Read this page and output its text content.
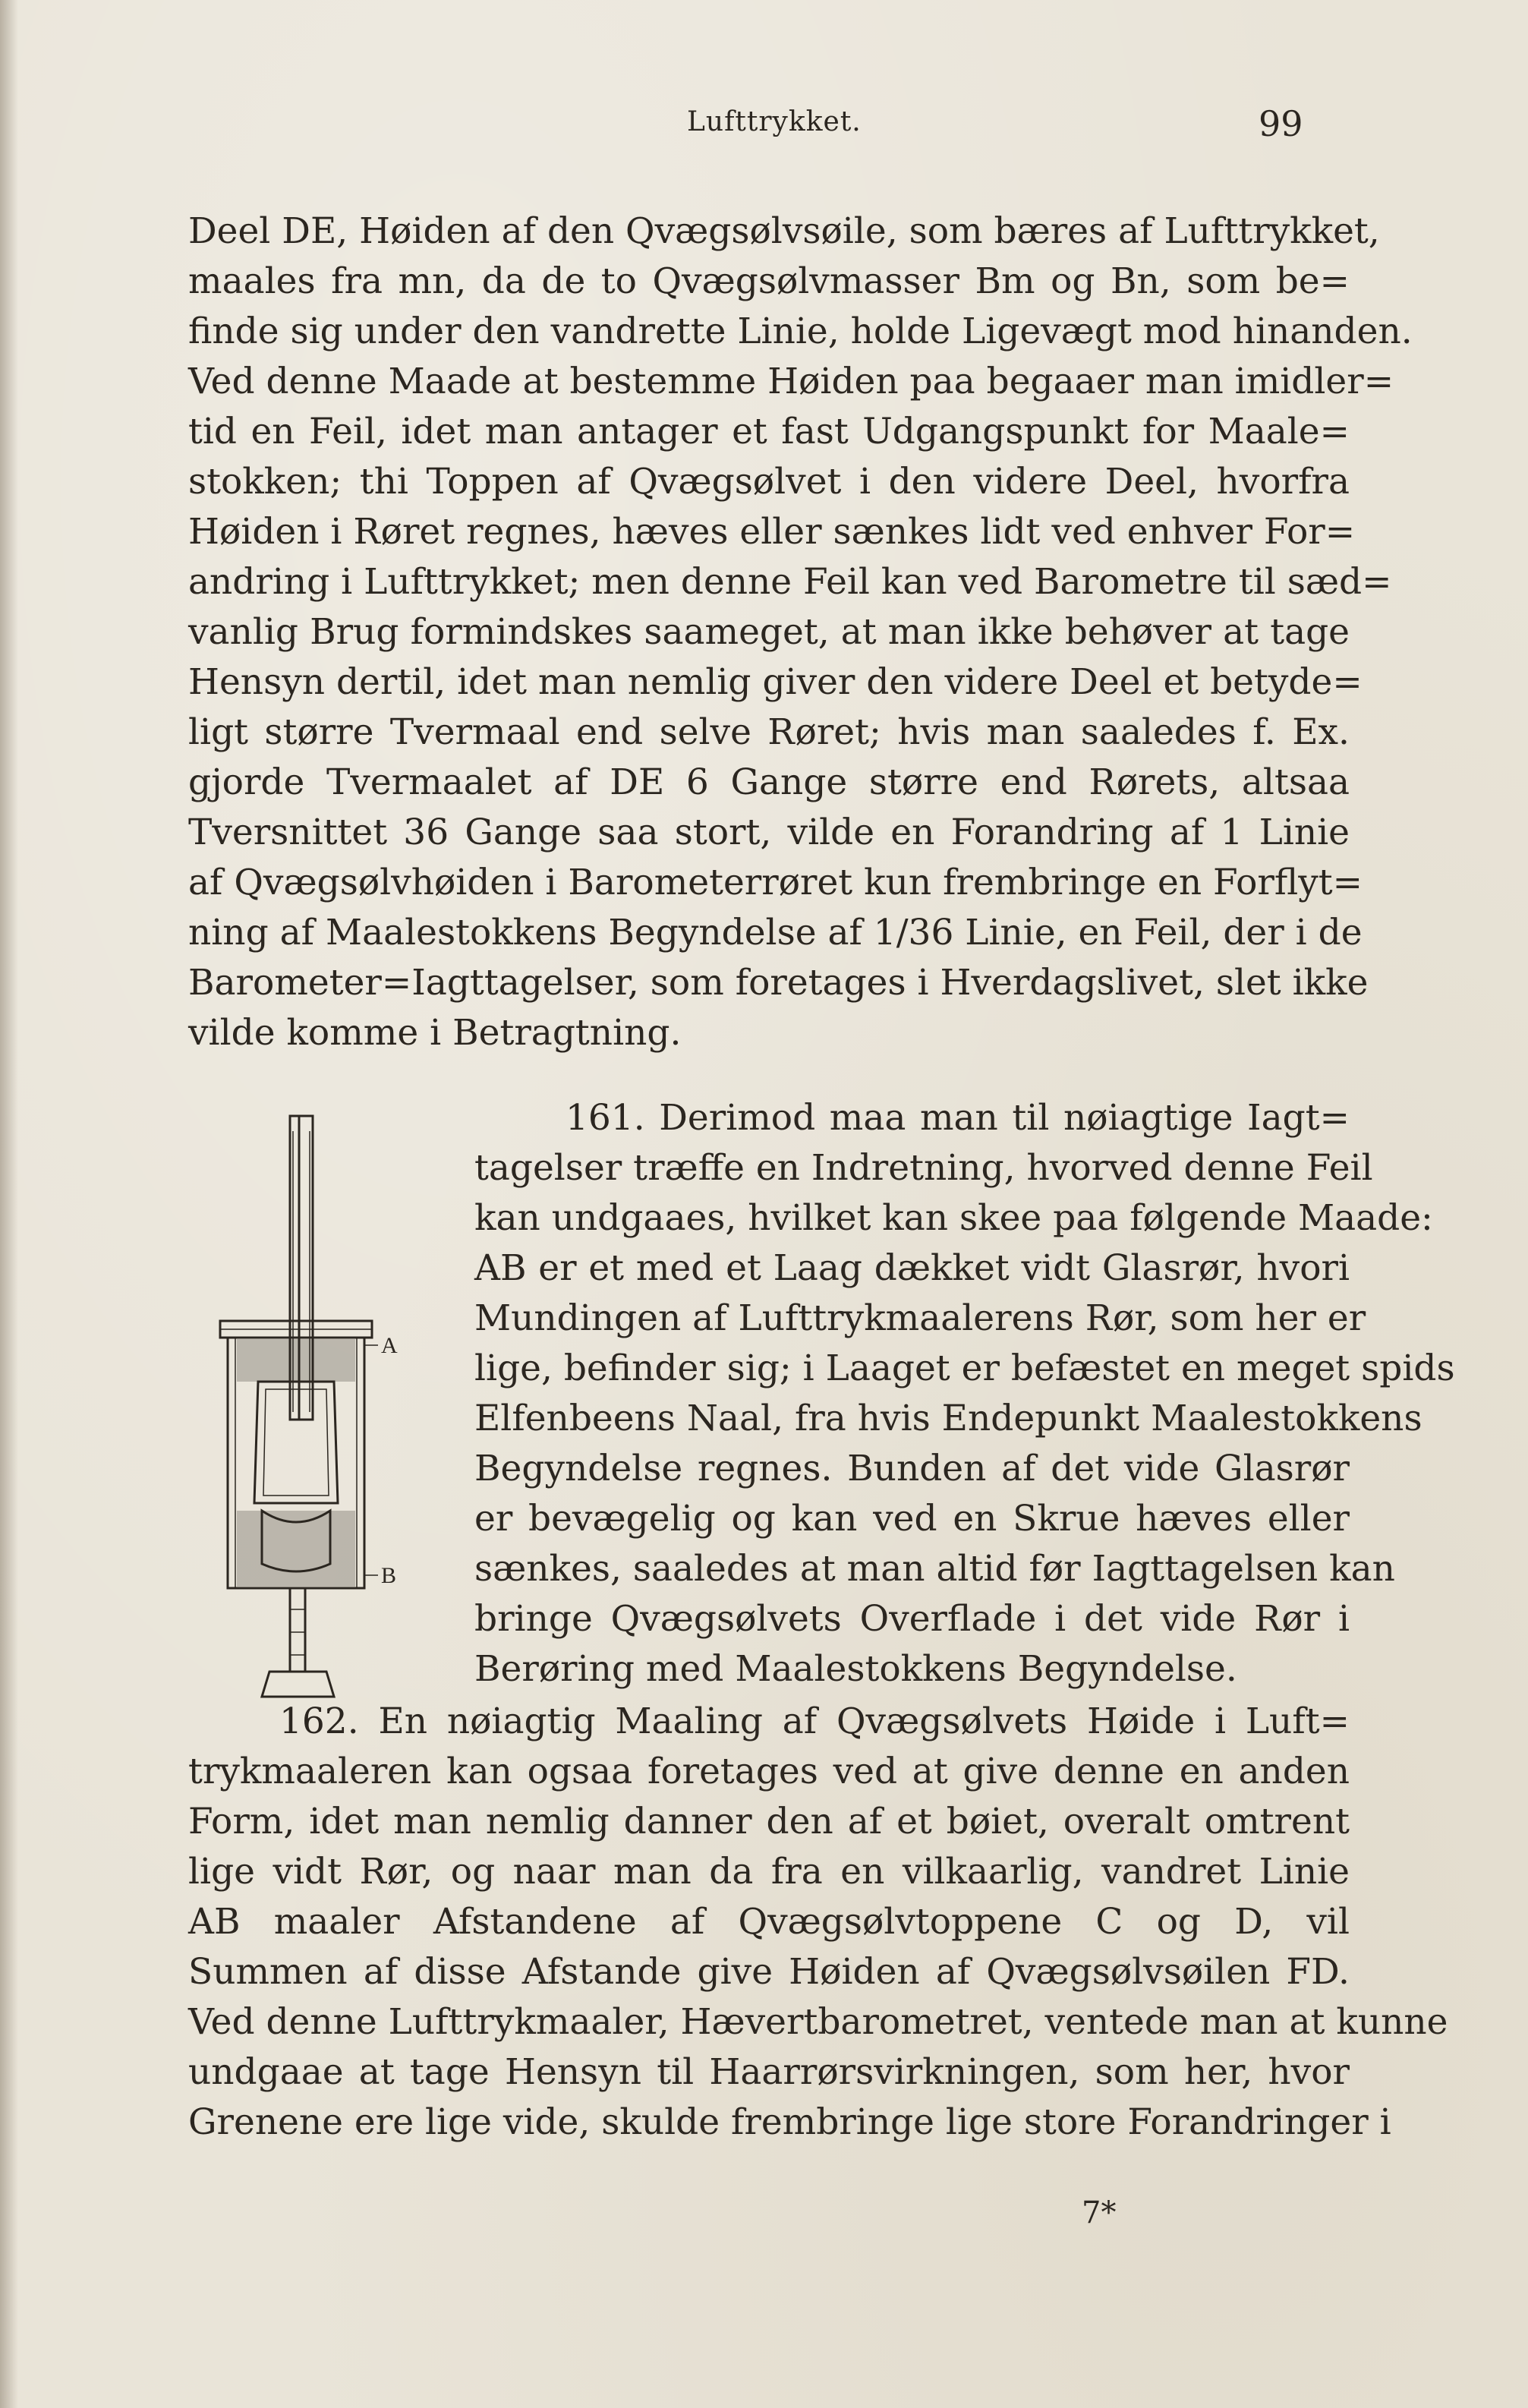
Lufttrykket.	99
Deel DE, Høiden af den Qvægsølvsøile, som bæres af Lufttrykket,
maales fra mn, da de to Qvægsølvmasser Bm og Bn, som be=
finde sig under den vandrette Linie, holde Ligevægt mod hinanden.
Ved denne Maade at bestemme Høiden paa begaaer man imidler=
tid en Feil, idet man antager et fast Udgangspunkt for Maale=
stokken; thi Toppen af Qvægsølvet i den videre Deel, hvorfra
Høiden i Røret regnes, hæves eller sænkes lidt ved enhver For=
andring i Lufttrykket; men denne Feil kan ved Barometre til sæd=
vanlig Brug formindskes saameget, at man ikke behøver at tage
Hensyn dertil, idet man nemlig giver den videre Deel et betyde=
ligt større Tvermaal end selve Røret; hvis man saaledes f. Ex.
gjorde Tvermaalet af DE 6 Gange større end Rørets, altsaa
Tversnittet 36 Gange saa stort, vilde en Forandring af 1 Linie
af Qvægsølvhøiden i Barometerrøret kun frembringe en Forflyt=
ning af Maalestokkens Begyndelse af 1/36 Linie, en Feil, der i de
Barometer=Iagttagelser, som foretages i Hverdagslivet, slet ikke
vilde komme i Betragtning.
A
B
161. Derimod maa man til nøiagtige Iagt=
tagelser træffe en Indretning, hvorved denne Feil
kan undgaaes, hvilket kan skee paa følgende Maade:
AB er et med et Laag dækket vidt Glasrør, hvori
Mundingen af Lufttrykmaalerens Rør, som her er
lige, befinder sig; i Laaget er befæstet en meget spids
Elfenbeens Naal, fra hvis Endepunkt Maalestokkens
Begyndelse regnes. Bunden af det vide Glasrør
er bevægelig og kan ved en Skrue hæves eller
sænkes, saaledes at man altid før Iagttagelsen kan
bringe Qvægsølvets Overflade i det vide Rør i
Berøring med Maalestokkens Begyndelse.
162. En nøiagtig Maaling af Qvægsølvets Høide i Luft=
trykmaaleren kan ogsaa foretages ved at give denne en anden
Form, idet man nemlig danner den af et bøiet, overalt omtrent
lige vidt Rør, og naar man da fra en vilkaarlig, vandret Linie
AB maaler Afstandene af Qvægsølvtoppene C og D, vil
Summen af disse Afstande give Høiden af Qvægsølvsøilen FD.
Ved denne Lufttrykmaaler, Hævertbarometret, ventede man at kunne
undgaae at tage Hensyn til Haarrørsvirkningen, som her, hvor
Grenene ere lige vide, skulde frembringe lige store Forandringer i
7*
